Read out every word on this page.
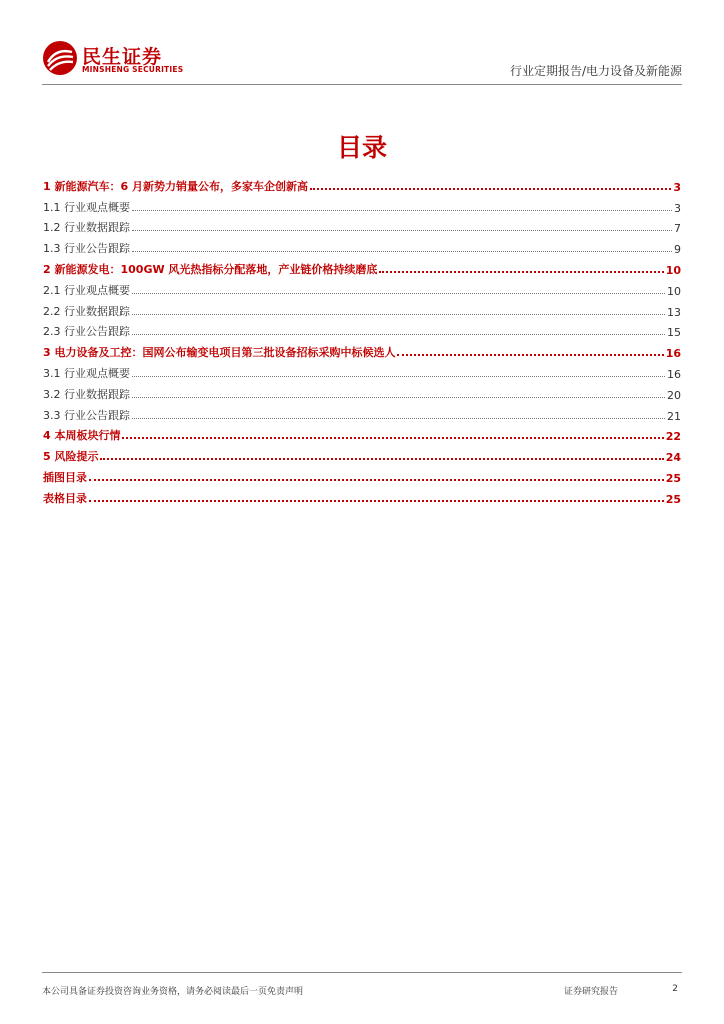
民生证券
MINSHENG SECURITIES	行业定期报告/电力设备及新能源
目录
1 新能源汽车：6 月新势力销量公布，多家车企创新高	3
1.1 行业观点概要	3
1.2 行业数据跟踪	7
1.3 行业公告跟踪	9
2 新能源发电：100GW 风光热指标分配落地，产业链价格持续磨底	10
2.1 行业观点概要	10
2.2 行业数据跟踪	13
2.3 行业公告跟踪	15
3 电力设备及工控：国网公布输变电项目第三批设备招标采购中标候选人	16
3.1 行业观点概要	16
3.2 行业数据跟踪	20
3.3 行业公告跟踪	21
4 本周板块行情	22
5 风险提示	24
插图目录	25
表格目录	25
本公司具备证券投资咨询业务资格，请务必阅读最后一页免责声明	证券研究报告	2
